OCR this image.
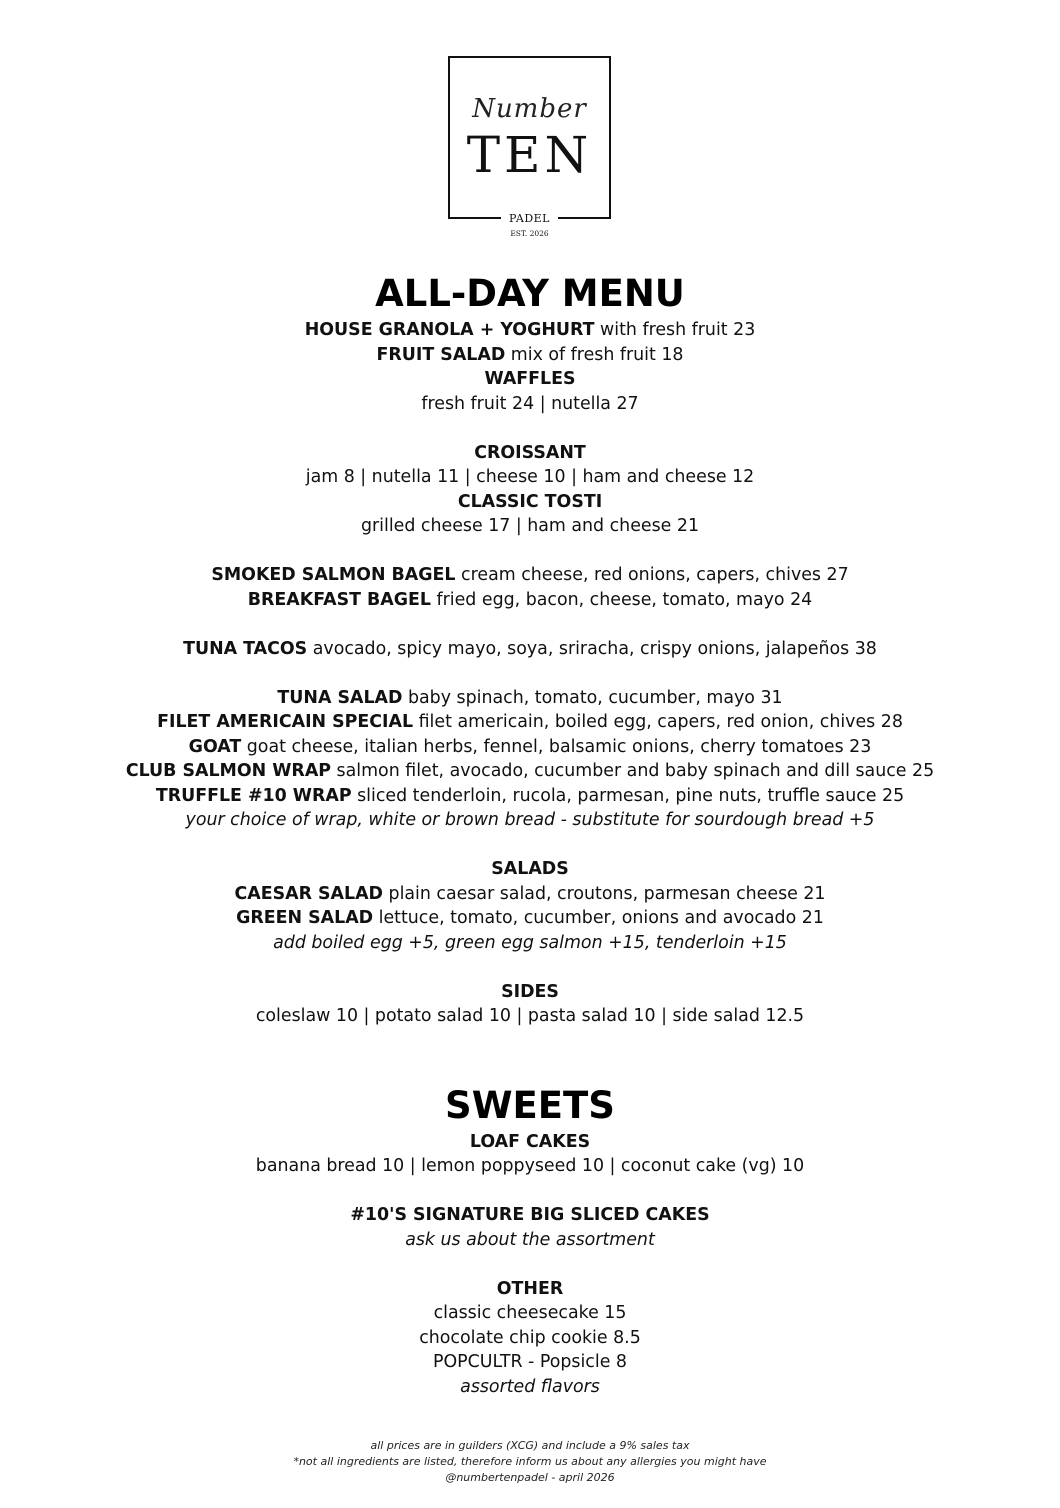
Number
TEN
PADEL
EST. 2026
ALL-DAY MENU
HOUSE GRANOLA + YOGHURT with fresh fruit 23
FRUIT SALAD mix of fresh fruit 18
WAFFLES
fresh fruit 24 | nutella 27
CROISSANT
jam 8 | nutella 11 | cheese 10 | ham and cheese 12
CLASSIC TOSTI
grilled cheese 17 | ham and cheese 21
SMOKED SALMON BAGEL cream cheese, red onions, capers, chives 27
BREAKFAST BAGEL fried egg, bacon, cheese, tomato, mayo 24
TUNA TACOS avocado, spicy mayo, soya, sriracha, crispy onions, jalapeños 38
TUNA SALAD baby spinach, tomato, cucumber, mayo 31
FILET AMERICAIN SPECIAL filet americain, boiled egg, capers, red onion, chives 28
GOAT goat cheese, italian herbs, fennel, balsamic onions, cherry tomatoes 23
CLUB SALMON WRAP salmon filet, avocado, cucumber and baby spinach and dill sauce 25
TRUFFLE #10 WRAP sliced tenderloin, rucola, parmesan, pine nuts, truffle sauce 25
your choice of wrap, white or brown bread - substitute for sourdough bread +5
SALADS
CAESAR SALAD plain caesar salad, croutons, parmesan cheese 21
GREEN SALAD lettuce, tomato, cucumber, onions and avocado 21
add boiled egg +5, green egg salmon +15, tenderloin +15
SIDES
coleslaw 10 | potato salad 10 | pasta salad 10 | side salad 12.5
SWEETS
LOAF CAKES
banana bread 10 | lemon poppyseed 10 | coconut cake (vg) 10
#10'S SIGNATURE BIG SLICED CAKES
ask us about the assortment
OTHER
classic cheesecake 15
chocolate chip cookie 8.5
POPCULTR - Popsicle 8
assorted flavors
all prices are in guilders (XCG) and include a 9% sales tax
*not all ingredients are listed, therefore inform us about any allergies you might have
@numbertenpadel - april 2026
